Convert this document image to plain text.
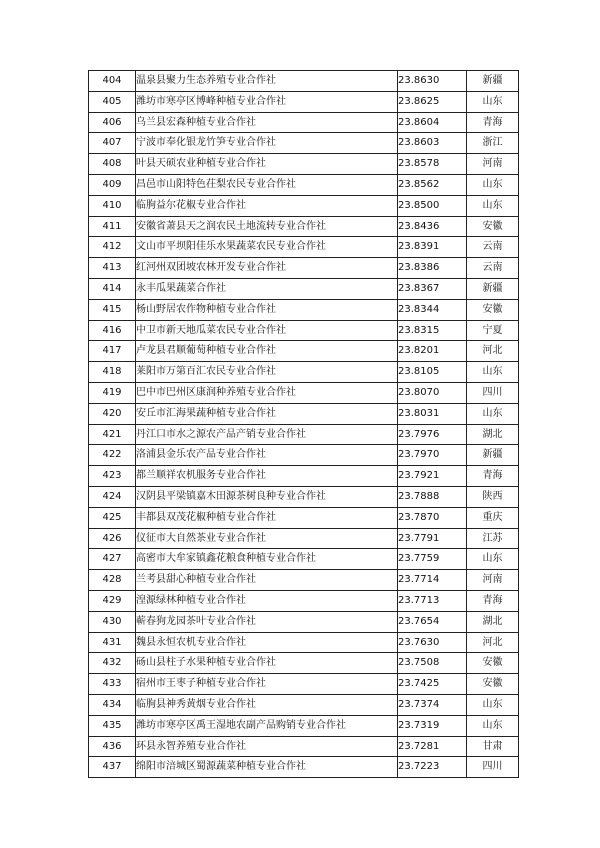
404	温泉县聚力生态养殖专业合作社	23.8630	新疆
405	潍坊市寒亭区博峰种植专业合作社	23.8625	山东
406	乌兰县宏森种植专业合作社	23.8604	青海
407	宁波市奉化银龙竹笋专业合作社	23.8603	浙江
408	叶县天硕农业种植专业合作社	23.8578	河南
409	昌邑市山阳特色茌梨农民专业合作社	23.8562	山东
410	临朐益尔花椒专业合作社	23.8500	山东
411	安徽省萧县天之润农民土地流转专业合作社	23.8436	安徽
412	文山市平坝阳佳乐水果蔬菜农民专业合作社	23.8391	云南
413	红河州双团坡农林开发专业合作社	23.8386	云南
414	永丰瓜果蔬菜合作社	23.8367	新疆
415	杨山野居农作物种植专业合作社	23.8344	安徽
416	中卫市新天地瓜菜农民专业合作社	23.8315	宁夏
417	卢龙县君顺葡萄种植专业合作社	23.8201	河北
418	莱阳市万第百汇农民专业合作社	23.8105	山东
419	巴中市巴州区康润种养殖专业合作社	23.8070	四川
420	安丘市汇海果蔬种植专业合作社	23.8031	山东
421	丹江口市水之源农产品产销专业合作社	23.7976	湖北
422	洛浦县金乐农产品专业合作社	23.7970	新疆
423	都兰顺祥农机服务专业合作社	23.7921	青海
424	汉阴县平梁镇嘉木田源茶树良种专业合作社	23.7888	陕西
425	丰都县双茂花椒种植专业合作社	23.7870	重庆
426	仪征市大自然茶业专业合作社	23.7791	江苏
427	高密市大牟家镇鑫花粮食种植专业合作社	23.7759	山东
428	兰考县甜心种植专业合作社	23.7714	河南
429	湟源绿林种植专业合作社	23.7713	青海
430	蕲春狗龙园茶叶专业合作社	23.7654	湖北
431	魏县永恒农机专业合作社	23.7630	河北
432	砀山县柱子水果种植专业合作社	23.7508	安徽
433	宿州市王枣子种植专业合作社	23.7425	安徽
434	临朐县神秀黄烟专业合作社	23.7374	山东
435	潍坊市寒亭区禹王湿地农副产品购销专业合作社	23.7319	山东
436	环县永智养殖专业合作社	23.7281	甘肃
437	绵阳市涪城区蜀源蔬菜种植专业合作社	23.7223	四川
